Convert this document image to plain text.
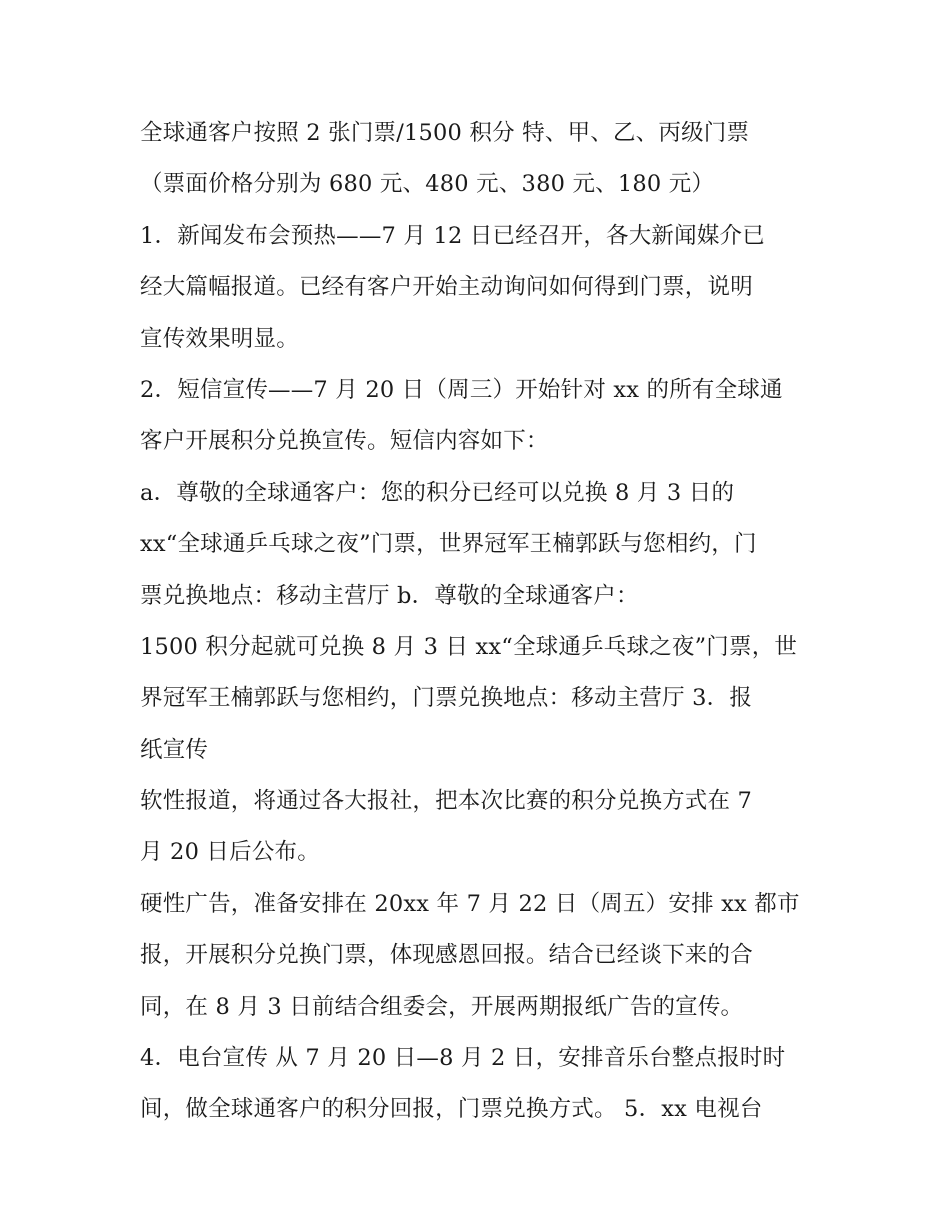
全球通客户按照 2 张门票/1500 积分 特、甲、乙、丙级门票
（票面价格分别为 680 元、480 元、380 元、180 元）
1．新闻发布会预热——7 月 12 日已经召开，各大新闻媒介已
经大篇幅报道。已经有客户开始主动询问如何得到门票，说明
宣传效果明显。
2．短信宣传——7 月 20 日（周三）开始针对 xx 的所有全球通
客户开展积分兑换宣传。短信内容如下：
a．尊敬的全球通客户：您的积分已经可以兑换 8 月 3 日的
xx“全球通乒乓球之夜”门票，世界冠军王楠郭跃与您相约，门
票兑换地点：移动主营厅 b．尊敬的全球通客户：
1500 积分起就可兑换 8 月 3 日 xx“全球通乒乓球之夜”门票，世
界冠军王楠郭跃与您相约，门票兑换地点：移动主营厅 3．报
纸宣传
软性报道，将通过各大报社，把本次比赛的积分兑换方式在 7
月 20 日后公布。
硬性广告，准备安排在 20xx 年 7 月 22 日（周五）安排 xx 都市
报，开展积分兑换门票，体现感恩回报。结合已经谈下来的合
同，在 8 月 3 日前结合组委会，开展两期报纸广告的宣传。
4．电台宣传 从 7 月 20 日—8 月 2 日，安排音乐台整点报时时
间，做全球通客户的积分回报，门票兑换方式。 5．xx 电视台
